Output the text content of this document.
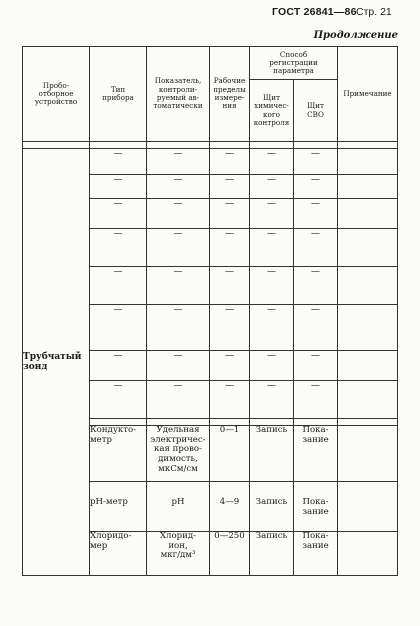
ГОСТ 26841—86 Стр. 21
Продолжение
Пробо-
отборное
устройство	Тип
прибора	Показатель,
контроли-
руемый ав-
томатически	Рабочие
пределы
измере-
ния	Способ
регистрации
параметра		Примечание
				Щит
химичес-
кого
контроля	Щит
СВО	

Трубчатый
зонд	—	—	—	—	—	
	—	—	—	—	—	
	—	—	—	—	—	
	—	—	—	—	—	
	—	—	—	—	—	
	—	—	—	—	—	
	—	—	—	—	—	
	—	—	—	—	—	

	Кондукто-
метр	Удельная
электричес-
кая прово-
димость,
мкСм/см	0—1	Запись	Пока-
зание	
	рН-метр	рН	4—9	Запись	Пока-
зание	
	Хлоридо-
мер	Хлорид-
ион,
мкг/дм³	0—250	Запись	Пока-
зание	
